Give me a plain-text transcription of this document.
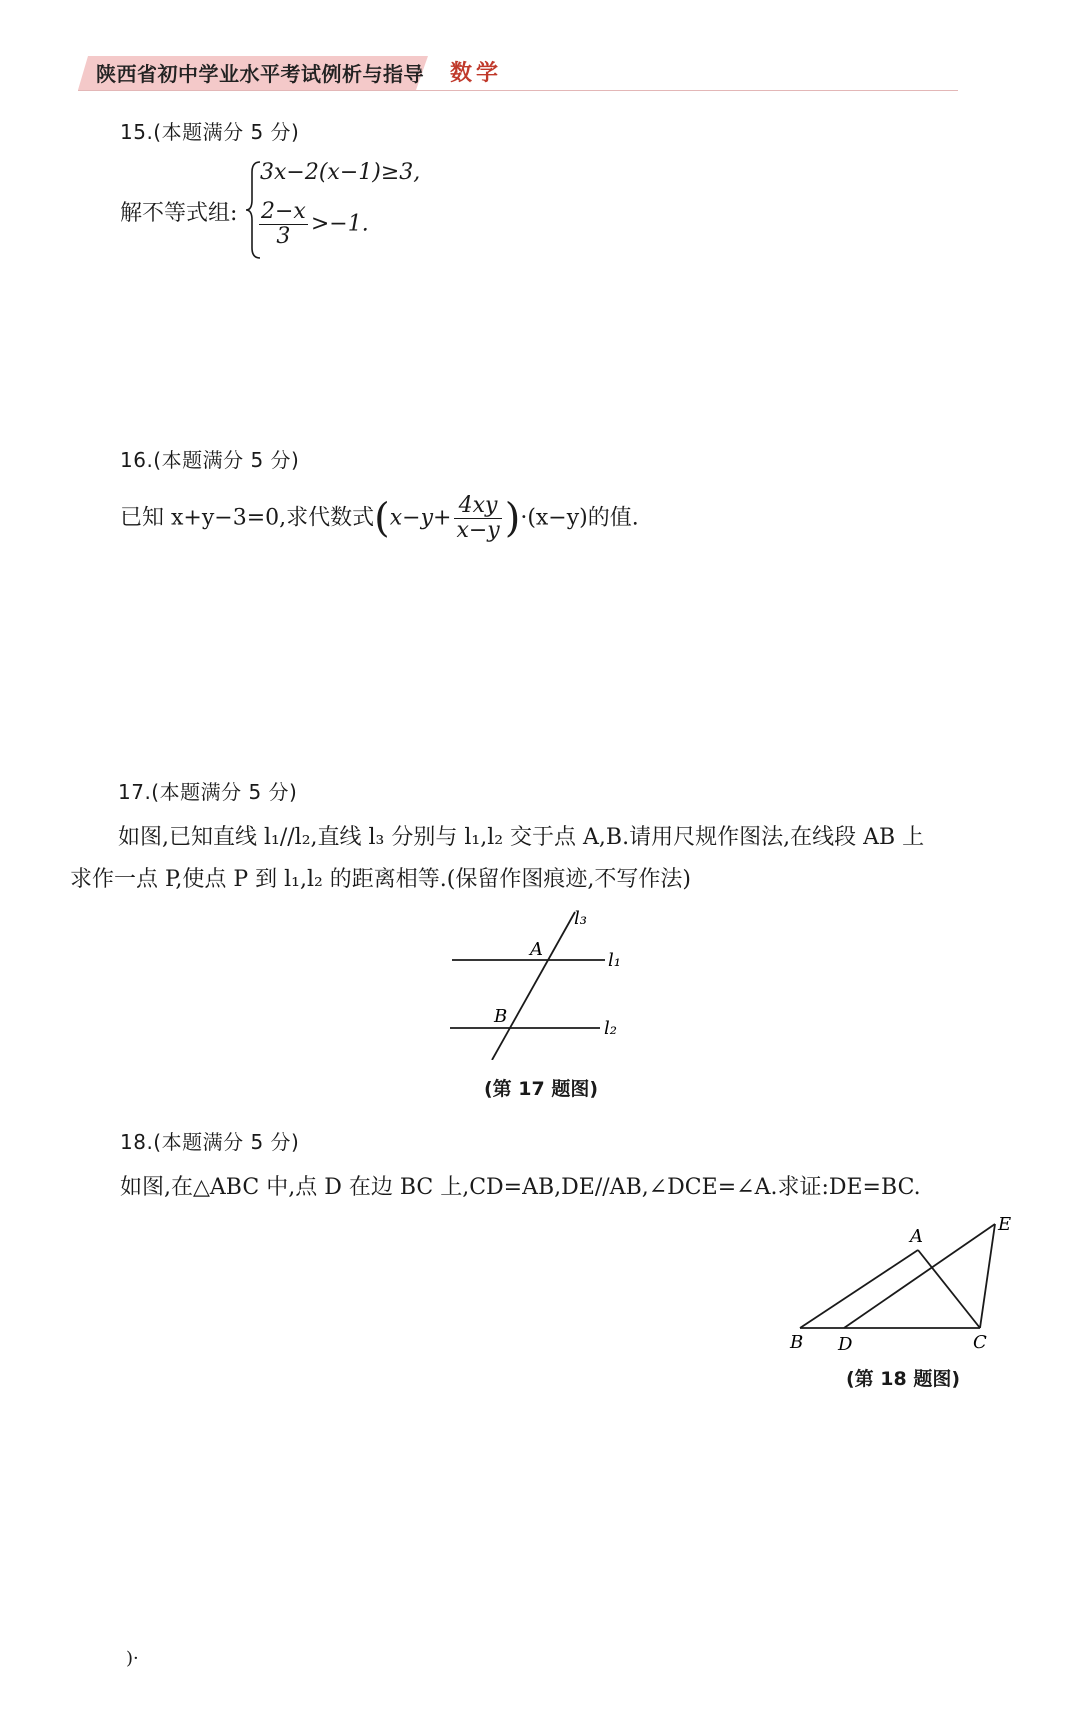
陕西省初中学业水平考试例析与指导 数学
15.(本题满分 5 分)
解不等式组:
3x−2(x−1)≥3,
$\frac{2-x}{3} >-1$.
16.(本题满分 5 分)
已知 x+y−3=0,求代数式$(x-y+ \frac{4xy}{x-y} )\cdot(x-y)$的值.
17.(本题满分 5 分)
如图,已知直线 l₁//l₂,直线 l₃ 分别与 l₁,l₂ 交于点 A,B.请用尺规作图法,在线段 AB 上
求作一点 P,使点 P 到 l₁,l₂ 的距离相等.(保留作图痕迹,不写作法)
l₃
l₁
l₂
A
B
(第 17 题图)
18.(本题满分 5 分)
如图,在△ABC 中,点 D 在边 BC 上,CD=AB,DE//AB,∠DCE=∠A.求证:DE=BC.
A
B D	C
E
(第 18 题图)
)·
